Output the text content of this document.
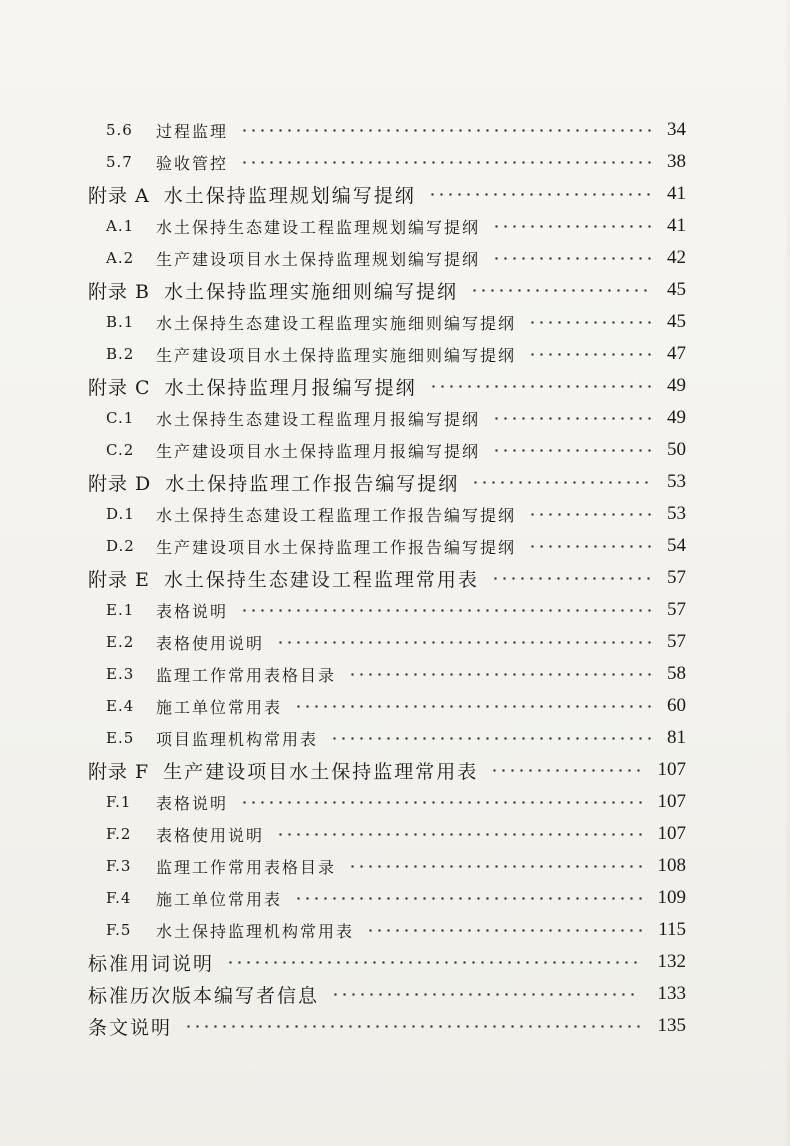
5.6	过程监理	34
5.7	验收管控	38
附录 A 水土保持监理规划编写提纲	41
A.1	水土保持生态建设工程监理规划编写提纲	41
A.2	生产建设项目水土保持监理规划编写提纲	42
附录 B 水土保持监理实施细则编写提纲	45
B.1	水土保持生态建设工程监理实施细则编写提纲	45
B.2	生产建设项目水土保持监理实施细则编写提纲	47
附录 C 水土保持监理月报编写提纲	49
C.1	水土保持生态建设工程监理月报编写提纲	49
C.2	生产建设项目水土保持监理月报编写提纲	50
附录 D 水土保持监理工作报告编写提纲	53
D.1	水土保持生态建设工程监理工作报告编写提纲	53
D.2	生产建设项目水土保持监理工作报告编写提纲	54
附录 E 水土保持生态建设工程监理常用表	57
E.1	表格说明	57
E.2	表格使用说明	57
E.3	监理工作常用表格目录	58
E.4	施工单位常用表	60
E.5	项目监理机构常用表	81
附录 F 生产建设项目水土保持监理常用表	107
F.1	表格说明	107
F.2	表格使用说明	107
F.3	监理工作常用表格目录	108
F.4	施工单位常用表	109
F.5	水土保持监理机构常用表	115
标准用词说明	132
标准历次版本编写者信息	133
条文说明	135
